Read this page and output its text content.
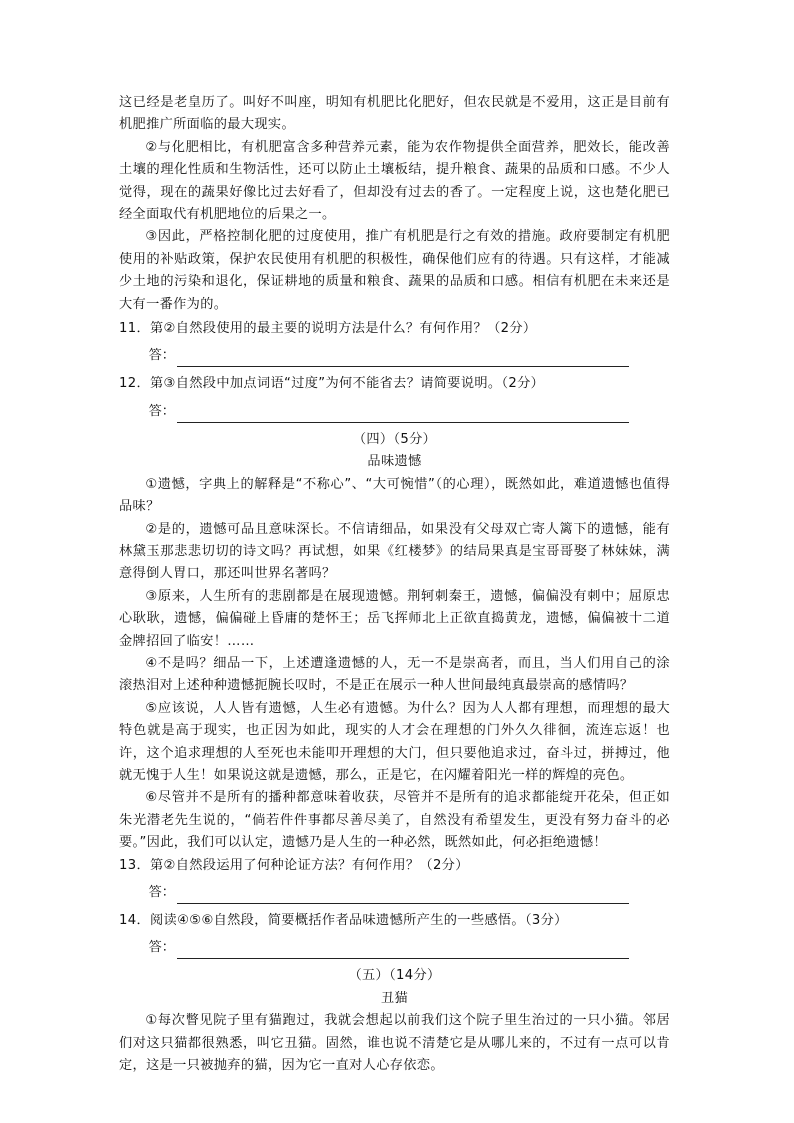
这已经是老皇历了。叫好不叫座，明知有机肥比化肥好，但农民就是不爱用，这正是目前有机肥推广所面临的最大现实。

②与化肥相比，有机肥富含多种营养元素，能为农作物提供全面营养，肥效长，能改善土壤的理化性质和生物活性，还可以防止土壤板结，提升粮食、蔬果的品质和口感。不少人觉得，现在的蔬果好像比过去好看了，但却没有过去的香了。一定程度上说，这也楚化肥已经全面取代有机肥地位的后果之一。

③因此，严格控制化肥的过度使用，推广有机肥是行之有效的措施。政府要制定有机肥使用的补贴政策，保护农民使用有机肥的积极性，确保他们应有的待遇。只有这样，才能减少土地的污染和退化，保证耕地的质量和粮食、蔬果的品质和口感。相信有机肥在未来还是大有一番作为的。

11．第②自然段使用的最主要的说明方法是什么？有何作用？（2分）

答：

12．第③自然段中加点词语“过度”为何不能省去？请简要说明。（2分）

答：

（四）（5分）

品味遗憾

①遗憾，字典上的解释是“不称心”、“大可惋惜”（的心理），既然如此，难道遗憾也值得品味？

②是的，遗憾可品且意味深长。不信请细品，如果没有父母双亡寄人篱下的遗憾，能有林黛玉那悲悲切切的诗文吗？再试想，如果《红楼梦》的结局果真是宝哥哥娶了林妹妹，满意得倒人胃口，那还叫世界名著吗？

③原来，人生所有的悲剧都是在展现遗憾。荆轲刺秦王，遗憾，偏偏没有刺中；屈原忠心耿耿，遗憾，偏偏碰上昏庸的楚怀王；岳飞挥师北上正欲直捣黄龙，遗憾，偏偏被十二道金牌招回了临安！……

④不是吗？细品一下，上述遭逢遗憾的人，无一不是崇高者，而且，当人们用自己的涂滚热泪对上述种种遗憾扼腕长叹时，不是正在展示一种人世间最纯真最崇高的感情吗？

⑤应该说，人人皆有遗憾，人生必有遗憾。为什么？因为人人都有理想，而理想的最大特色就是高于现实，也正因为如此，现实的人才会在理想的门外久久徘徊，流连忘返！也许，这个追求理想的人至死也未能叩开理想的大门，但只要他追求过，奋斗过，拼搏过，他就无愧于人生！如果说这就是遗憾，那么，正是它，在闪耀着阳光一样的辉煌的亮色。

⑥尽管并不是所有的播种都意味着收获，尽管并不是所有的追求都能绽开花朵，但正如朱光潜老先生说的，“倘若件件事都尽善尽美了，自然没有希望发生，更没有努力奋斗的必要。”因此，我们可以认定，遗憾乃是人生的一种必然，既然如此，何必拒绝遗憾！

13．第②自然段运用了何种论证方法？有何作用？（2分）

答：

14．阅读④⑤⑥自然段，简要概括作者品味遗憾所产生的一些感悟。（3分）

答：

（五）（14分）

丑猫

①每次瞥见院子里有猫跑过，我就会想起以前我们这个院子里生治过的一只小猫。邻居们对这只猫都很熟悉，叫它丑猫。固然，谁也说不清楚它是从哪儿来的，不过有一点可以肯定，这是一只被抛弃的猫，因为它一直对人心存依恋。
